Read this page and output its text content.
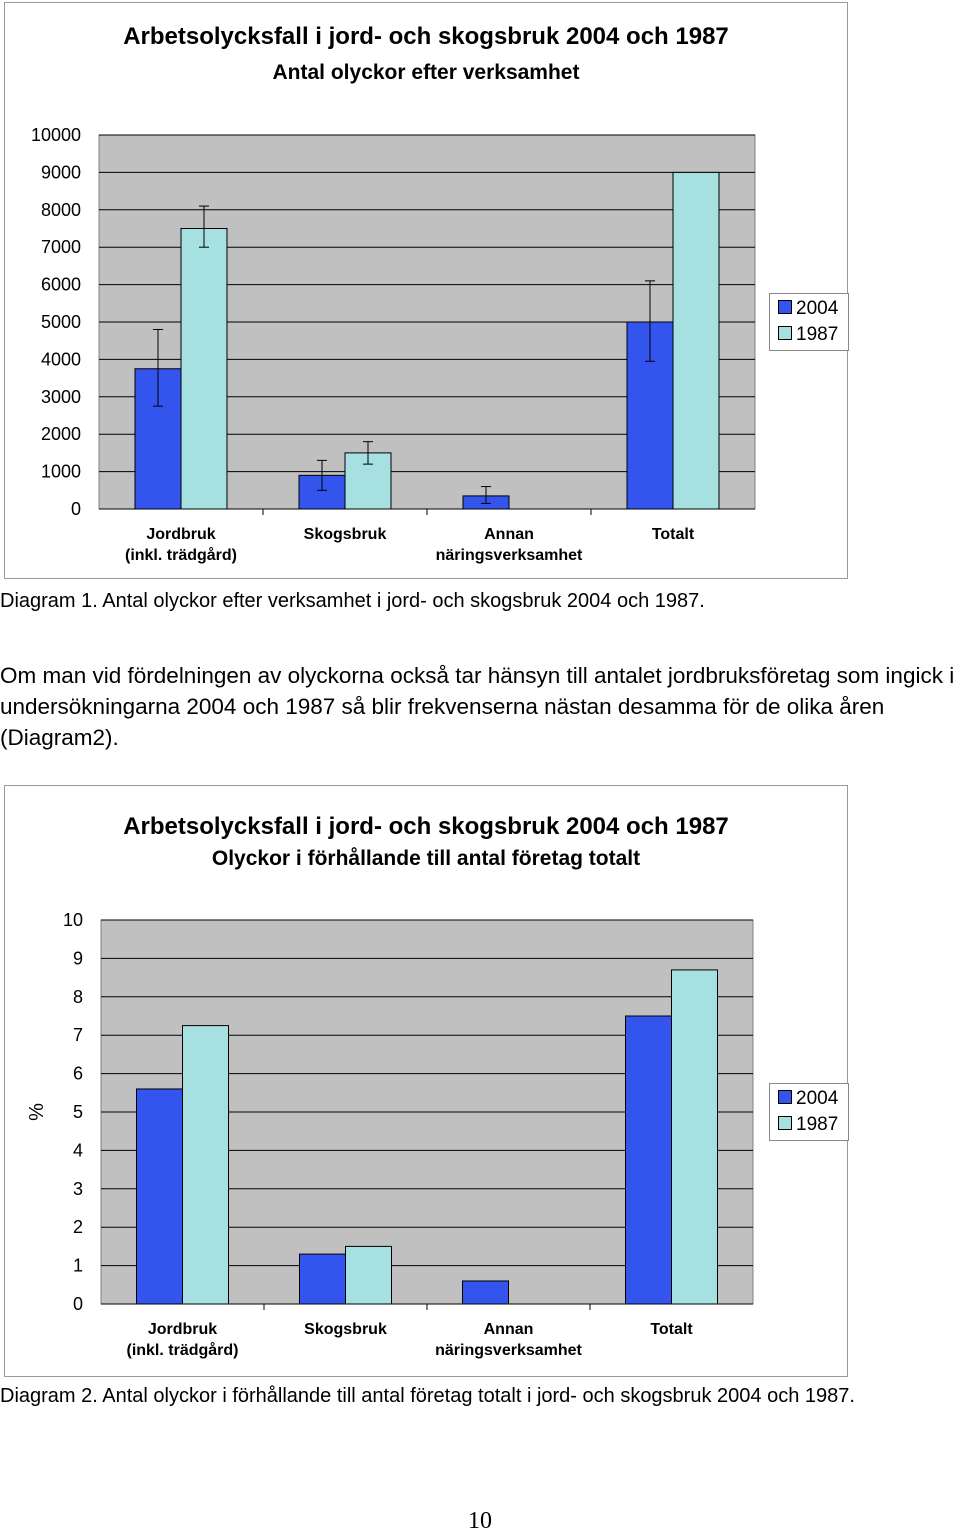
Arbetsolycksfall i jord- och skogsbruk 2004 och 1987
Antal olyckor efter verksamhet
0
1000
2000
3000
4000
5000
6000
7000
8000
9000
10000
Jordbruk
(inkl. trädgård)
Skogsbruk	Annan
näringsverksamhet
Totalt
2004
1987
Diagram 1. Antal olyckor efter verksamhet i jord- och skogsbruk 2004 och 1987.

Om man vid fördelningen av olyckorna också tar hänsyn till antalet jordbruksföretag som ingick i undersökningarna 2004 och 1987 så blir frekvenserna nästan desamma för de olika åren (Diagram2).

Arbetsolycksfall i jord- och skogsbruk 2004 och 1987
Olyckor i förhållande till antal företag totalt
0
1
2
3
4
5
6
7
8
9
10
Jordbruk
(inkl. trädgård)
Skogsbruk	Annan
näringsverksamhet
Totalt
%
2004
1987
Diagram 2. Antal olyckor i förhållande till antal företag totalt i jord- och skogsbruk 2004 och 1987.
10
